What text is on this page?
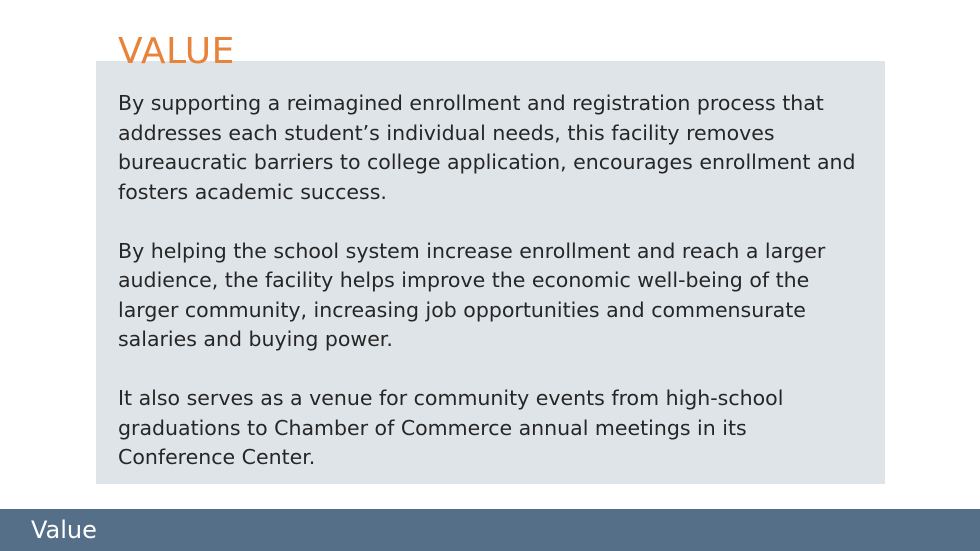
VALUE

By supporting a reimagined enrollment and registration process that addresses each student’s individual needs, this facility removes bureaucratic barriers to college application, encourages enrollment and fosters academic success.

By helping the school system increase enrollment and reach a larger audience, the facility helps improve the economic well-being of the larger community, increasing job opportunities and commensurate salaries and buying power.

It also serves as a venue for community events from high-school graduations to Chamber of Commerce annual meetings in its Conference Center.

Value
